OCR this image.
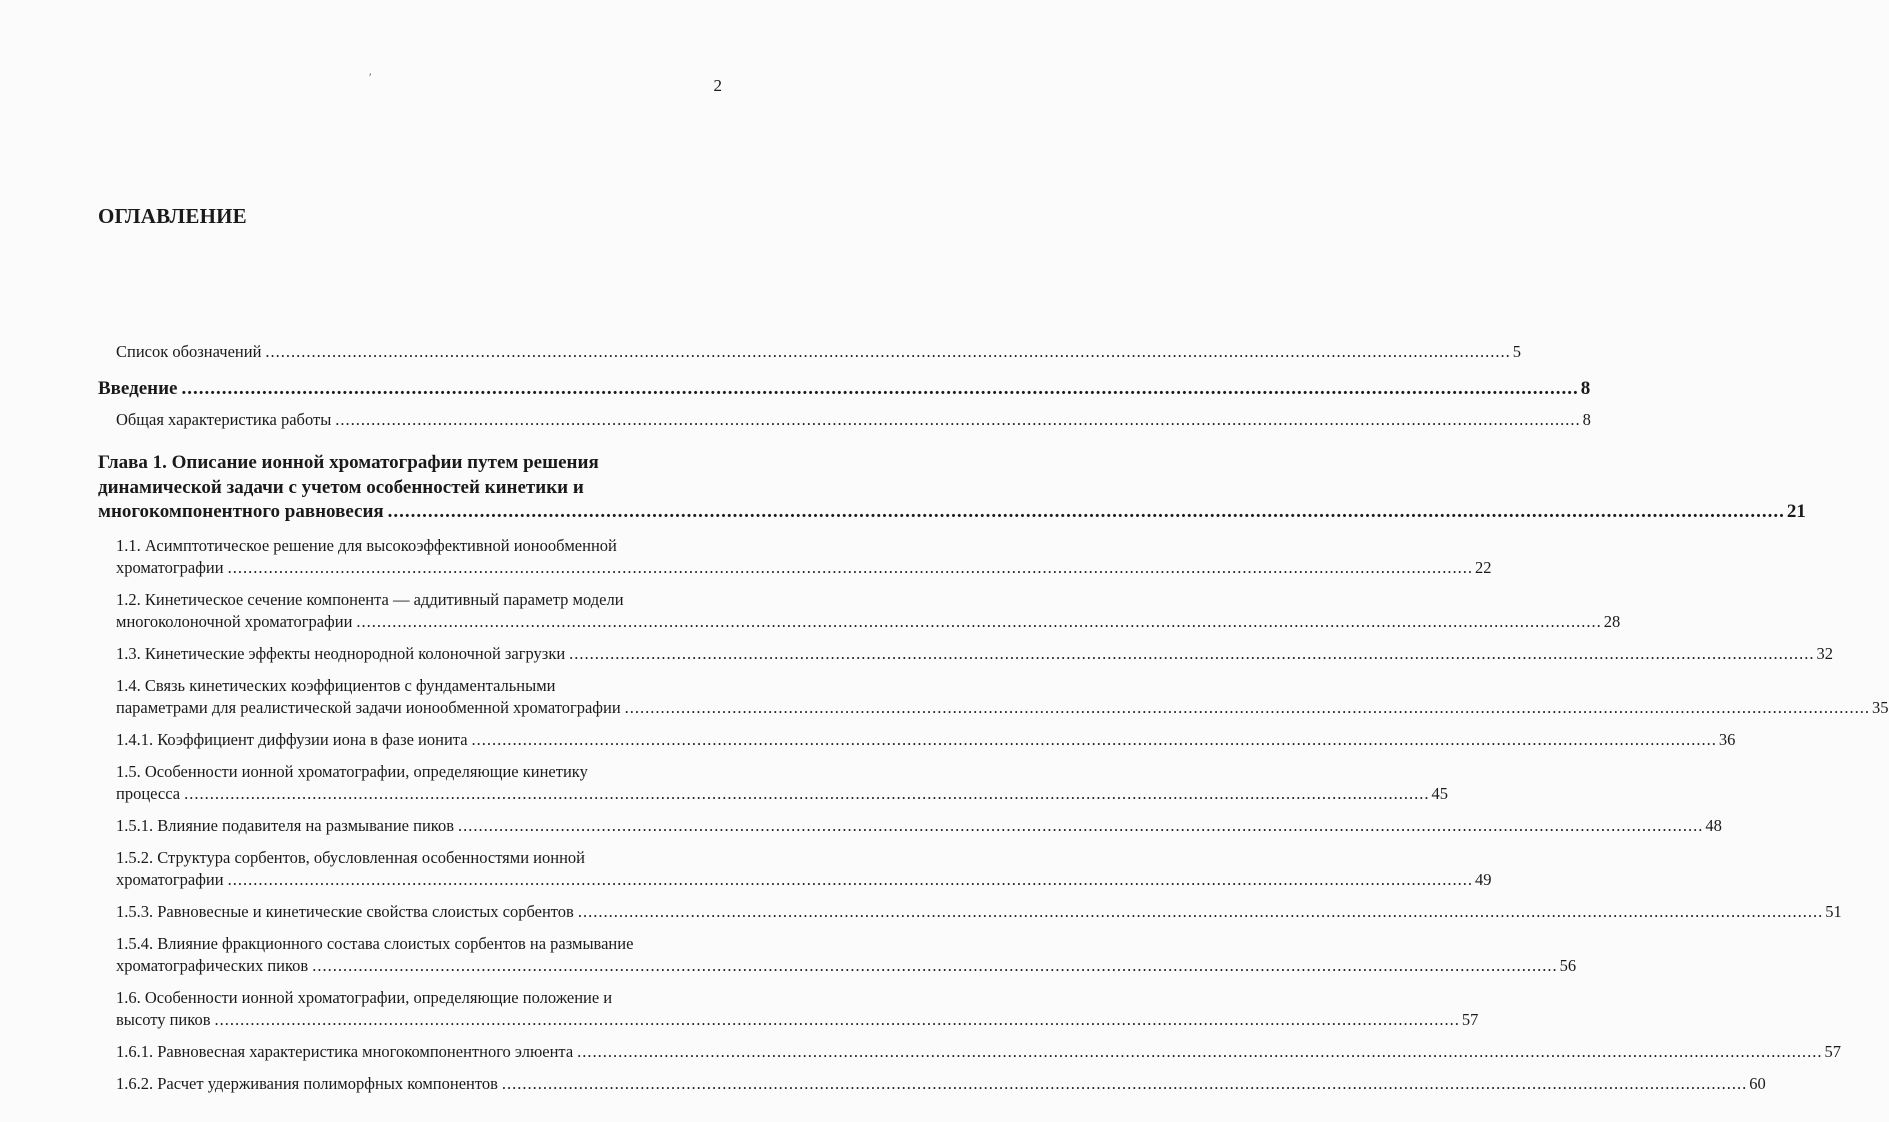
2
′
ОГЛАВЛЕНИЕ
Список обозначений .....	5
Введение .....	8
Общая характеристика работы .....	8
Глава 1. Описание ионной хроматографии путем решения
динамической задачи с учетом особенностей кинетики и
многокомпонентного равновесия .....	21
1.1. Асимптотическое решение для высокоэффективной ионообменной
хроматографии .....	22
1.2. Кинетическое сечение компонента — аддитивный параметр модели
многоколоночной хроматографии .....	28
1.3. Кинетические эффекты неоднородной колоночной загрузки .....	32
1.4. Связь кинетических коэффициентов с фундаментальными
параметрами для реалистической задачи ионообменной хроматографии .....	35
1.4.1. Коэффициент диффузии иона в фазе ионита .....	36
1.5. Особенности ионной хроматографии, определяющие кинетику
процесса .....	45
1.5.1. Влияние подавителя на размывание пиков .....	48
1.5.2. Структура сорбентов, обусловленная особенностями ионной
хроматографии .....	49
1.5.3. Равновесные и кинетические свойства слоистых сорбентов .....	51
1.5.4. Влияние фракционного состава слоистых сорбентов на размывание
хроматографических пиков .....	56
1.6. Особенности ионной хроматографии, определяющие положение и
высоту пиков .....	57
1.6.1. Равновесная характеристика многокомпонентного элюента .....	57
1.6.2. Расчет удерживания полиморфных компонентов .....	60
